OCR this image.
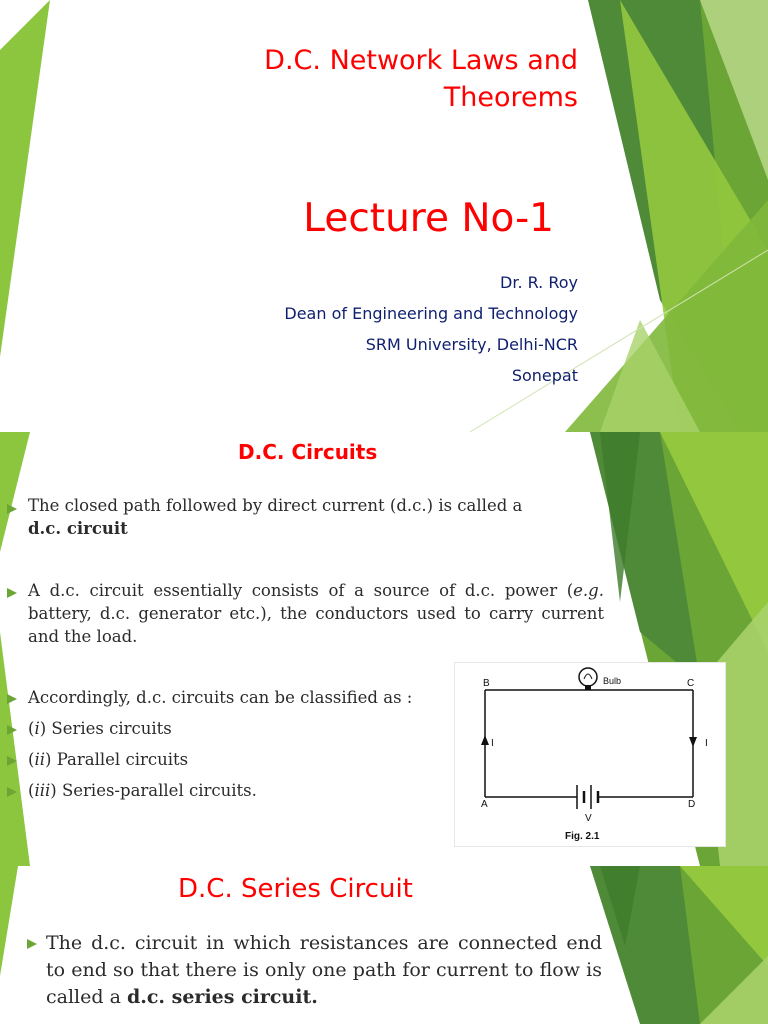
D.C. Network Laws and Theorems
Lecture No-1
Dr. R. Roy
Dean of Engineering and Technology
SRM University, Delhi-NCR
Sonepat
D.C. Circuits
The closed path followed by direct current (d.c.) is called a
d.c. circuit
A d.c. circuit essentially consists of a source of d.c. power (e.g. battery, d.c. generator etc.), the conductors used to carry current and the load.
Accordingly, d.c. circuits can be classified as :
(i) Series circuits
(ii) Parallel circuits
(iii) Series-parallel circuits.
B	C
A	D
Bulb
I	I
V
Fig. 2.1
D.C. Series Circuit
The d.c. circuit in which resistances are connected end to end so that there is only one path for current to flow is called a d.c. series circuit.
